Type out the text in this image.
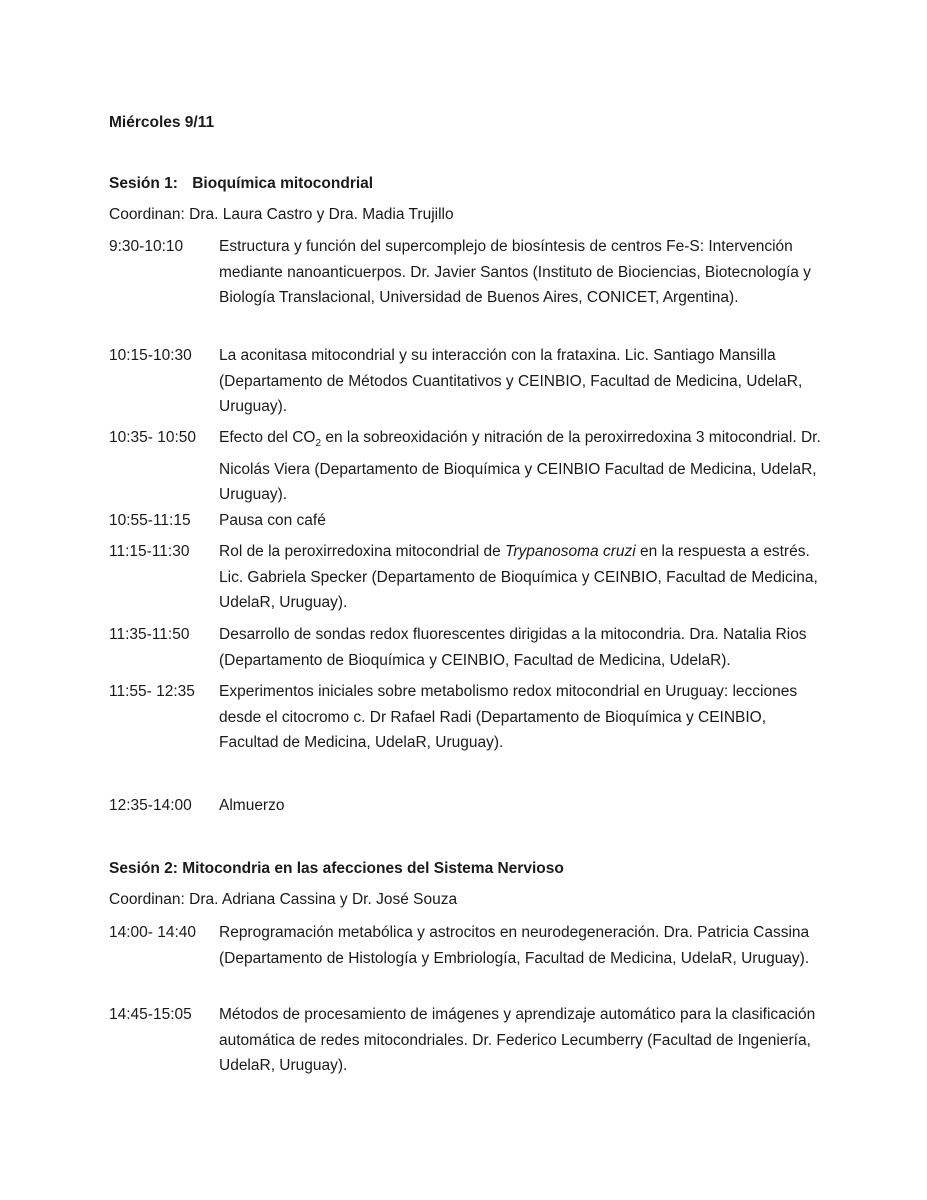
Miércoles 9/11
Sesión 1: Bioquímica mitocondrial
Coordinan: Dra. Laura Castro y Dra. Madia Trujillo
9:30-10:10	Estructura y función del supercomplejo de biosíntesis de centros Fe-S: Intervención mediante nanoanticuerpos. Dr. Javier Santos (Instituto de Biociencias, Biotecnología y Biología Translacional, Universidad de Buenos Aires, CONICET, Argentina).
10:15-10:30	La aconitasa mitocondrial y su interacción con la frataxina. Lic. Santiago Mansilla (Departamento de Métodos Cuantitativos y CEINBIO, Facultad de Medicina, UdelaR, Uruguay).
10:35- 10:50	Efecto del $CO_2$ en la sobreoxidación y nitración de la peroxirredoxina 3 mitocondrial. Dr. Nicolás Viera (Departamento de Bioquímica y CEINBIO Facultad de Medicina, UdelaR, Uruguay).
10:55-11:15	Pausa con café
11:15-11:30	Rol de la peroxirredoxina mitocondrial de Trypanosoma cruzi en la respuesta a estrés. Lic. Gabriela Specker (Departamento de Bioquímica y CEINBIO, Facultad de Medicina, UdelaR, Uruguay).
11:35-11:50	Desarrollo de sondas redox fluorescentes dirigidas a la mitocondria. Dra. Natalia Rios (Departamento de Bioquímica y CEINBIO, Facultad de Medicina, UdelaR).
11:55- 12:35	Experimentos iniciales sobre metabolismo redox mitocondrial en Uruguay: lecciones desde el citocromo c. Dr Rafael Radi (Departamento de Bioquímica y CEINBIO, Facultad de Medicina, UdelaR, Uruguay).
12:35-14:00	Almuerzo
Sesión 2: Mitocondria en las afecciones del Sistema Nervioso
Coordinan: Dra. Adriana Cassina y Dr. José Souza
14:00- 14:40	Reprogramación metabólica y astrocitos en neurodegeneración. Dra. Patricia Cassina (Departamento de Histología y Embriología, Facultad de Medicina, UdelaR, Uruguay).
14:45-15:05	Métodos de procesamiento de imágenes y aprendizaje automático para la clasificación automática de redes mitocondriales. Dr. Federico Lecumberry (Facultad de Ingeniería, UdelaR, Uruguay).
